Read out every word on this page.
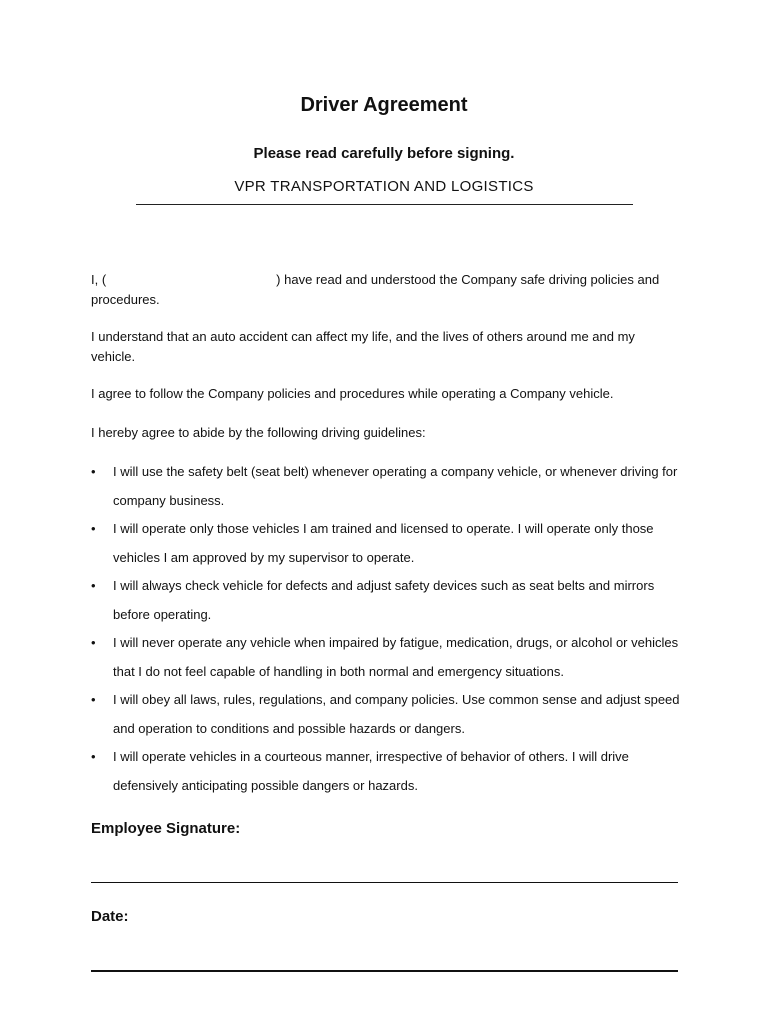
Driver Agreement
Please read carefully before signing.
VPR TRANSPORTATION AND LOGISTICS
I, (	) have read and understood the Company safe driving policies and procedures.
I understand that an auto accident can affect my life, and the lives of others around me and my vehicle.
I agree to follow the Company policies and procedures while operating a Company vehicle.
I hereby agree to abide by the following driving guidelines:
• I will use the safety belt (seat belt) whenever operating a company vehicle, or whenever driving for company business.
• I will operate only those vehicles I am trained and licensed to operate. I will operate only those vehicles I am approved by my supervisor to operate.
• I will always check vehicle for defects and adjust safety devices such as seat belts and mirrors before operating.
• I will never operate any vehicle when impaired by fatigue, medication, drugs, or alcohol or vehicles that I do not feel capable of handling in both normal and emergency situations.
• I will obey all laws, rules, regulations, and company policies. Use common sense and adjust speed and operation to conditions and possible hazards or dangers.
• I will operate vehicles in a courteous manner, irrespective of behavior of others. I will drive defensively anticipating possible dangers or hazards.
Employee Signature:
Date:
